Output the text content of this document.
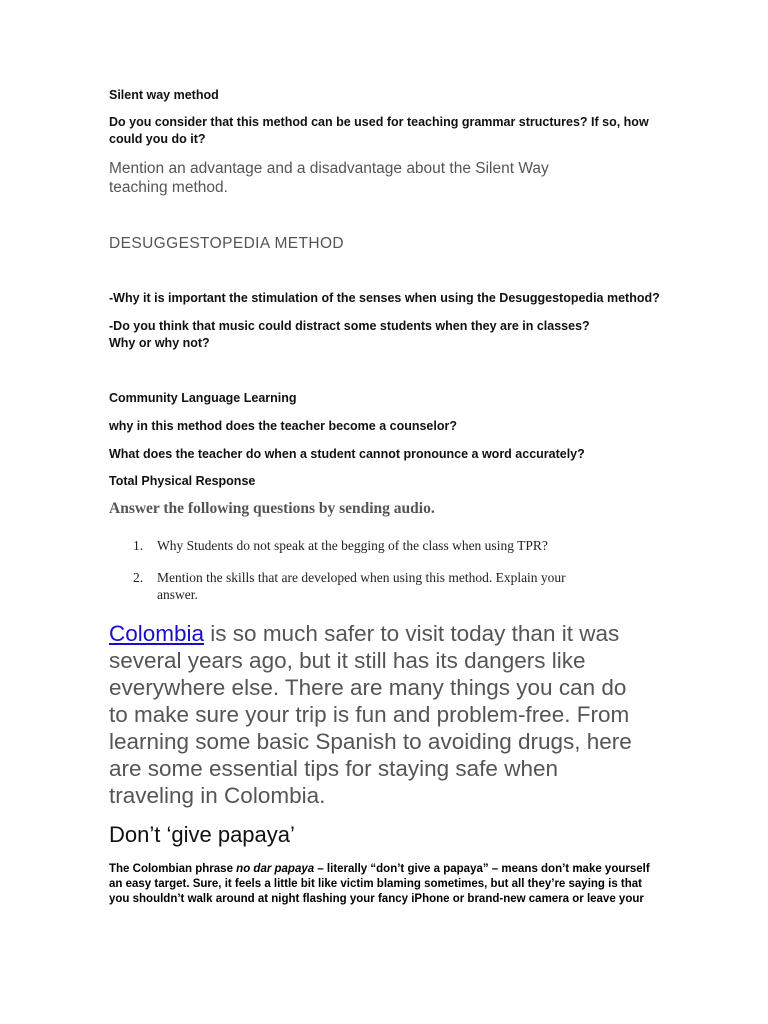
Silent way method

Do you consider that this method can be used for teaching grammar structures? If so, how
could you do it?

Mention an advantage and a disadvantage about the Silent Way
teaching method.

DESUGGESTOPEDIA METHOD

-Why it is important the stimulation of the senses when using the Desuggestopedia method?

-Do you think that music could distract some students when they are in classes?
Why or why not?

Community Language Learning

why in this method does the teacher become a counselor?

What does the teacher do when a student cannot pronounce a word accurately?

Total Physical Response

Answer the following questions by sending audio.

1. Why Students do not speak at the begging of the class when using TPR?
2. Mention the skills that are developed when using this method. Explain your
answer.

Colombia is so much safer to visit today than it was
several years ago, but it still has its dangers like
everywhere else. There are many things you can do
to make sure your trip is fun and problem-free. From
learning some basic Spanish to avoiding drugs, here
are some essential tips for staying safe when
traveling in Colombia.

Don’t ‘give papaya’

The Colombian phrase no dar papaya – literally “don’t give a papaya” – means don’t make yourself
an easy target. Sure, it feels a little bit like victim blaming sometimes, but all they’re saying is that
you shouldn’t walk around at night flashing your fancy iPhone or brand-new camera or leave your
